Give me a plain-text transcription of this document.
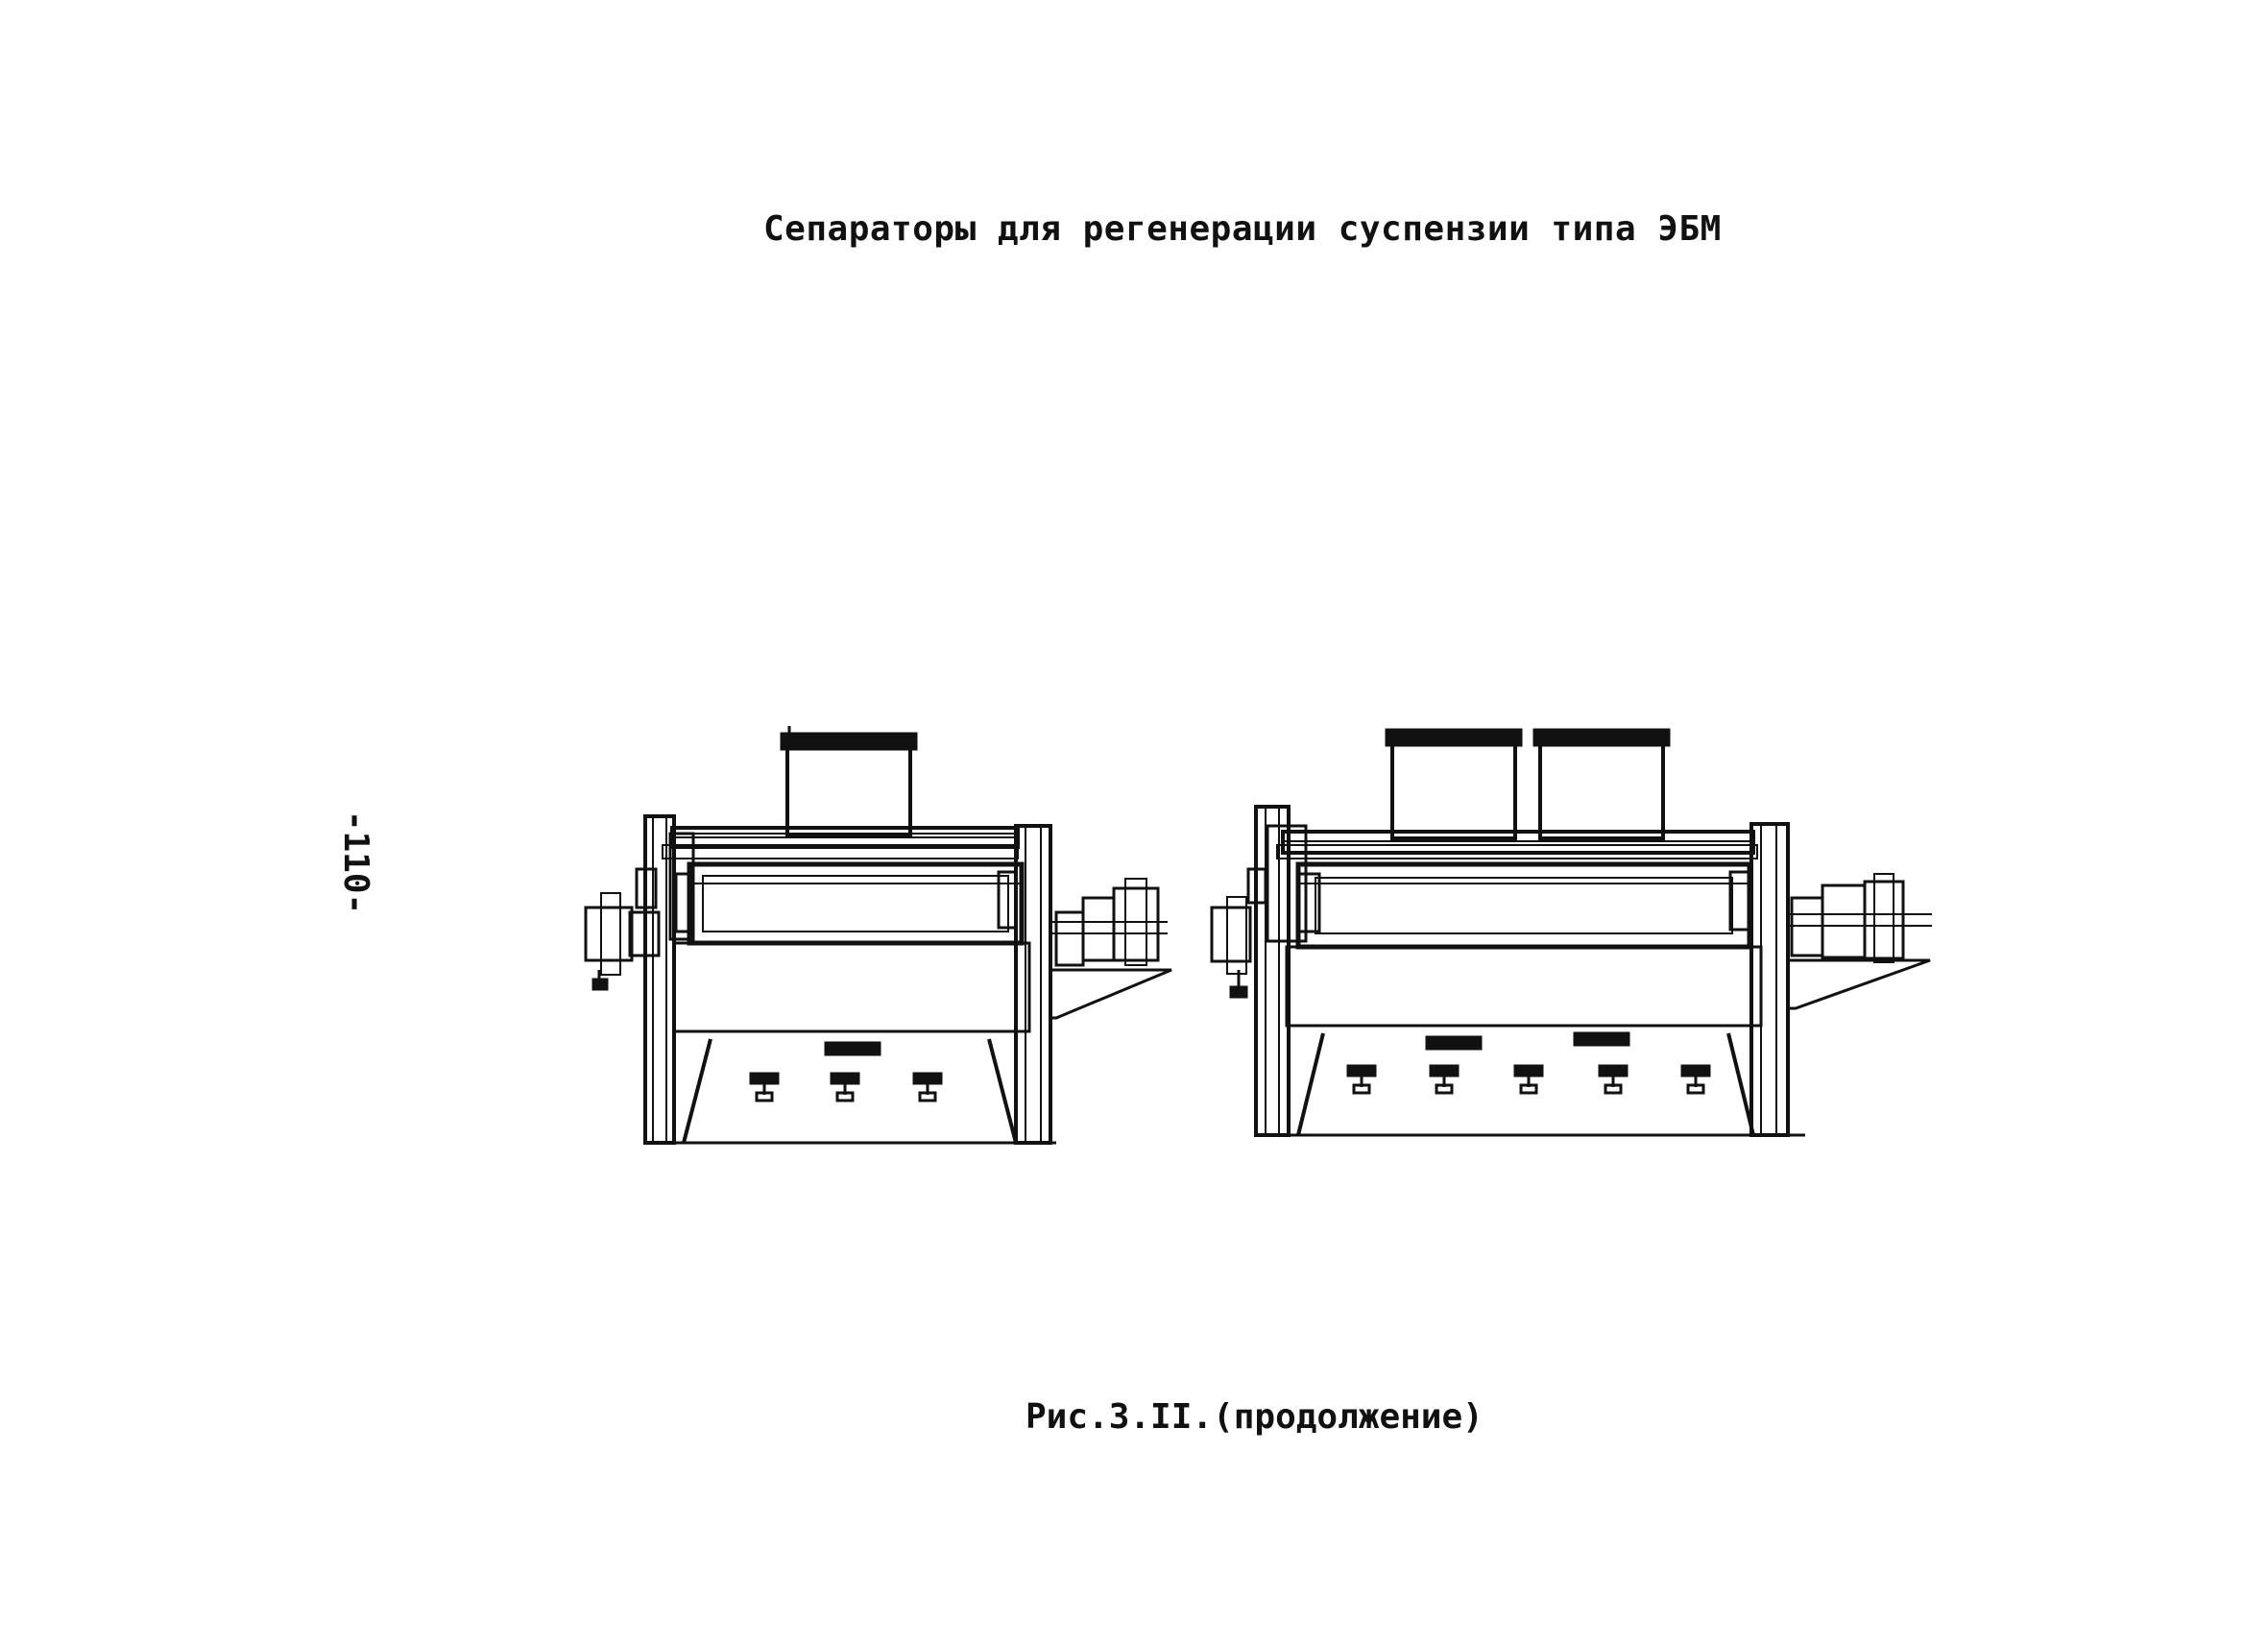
Сепараторы для регенерации суспензии типа ЭБМ
-110-
Рис.3.II.(продолжение)
